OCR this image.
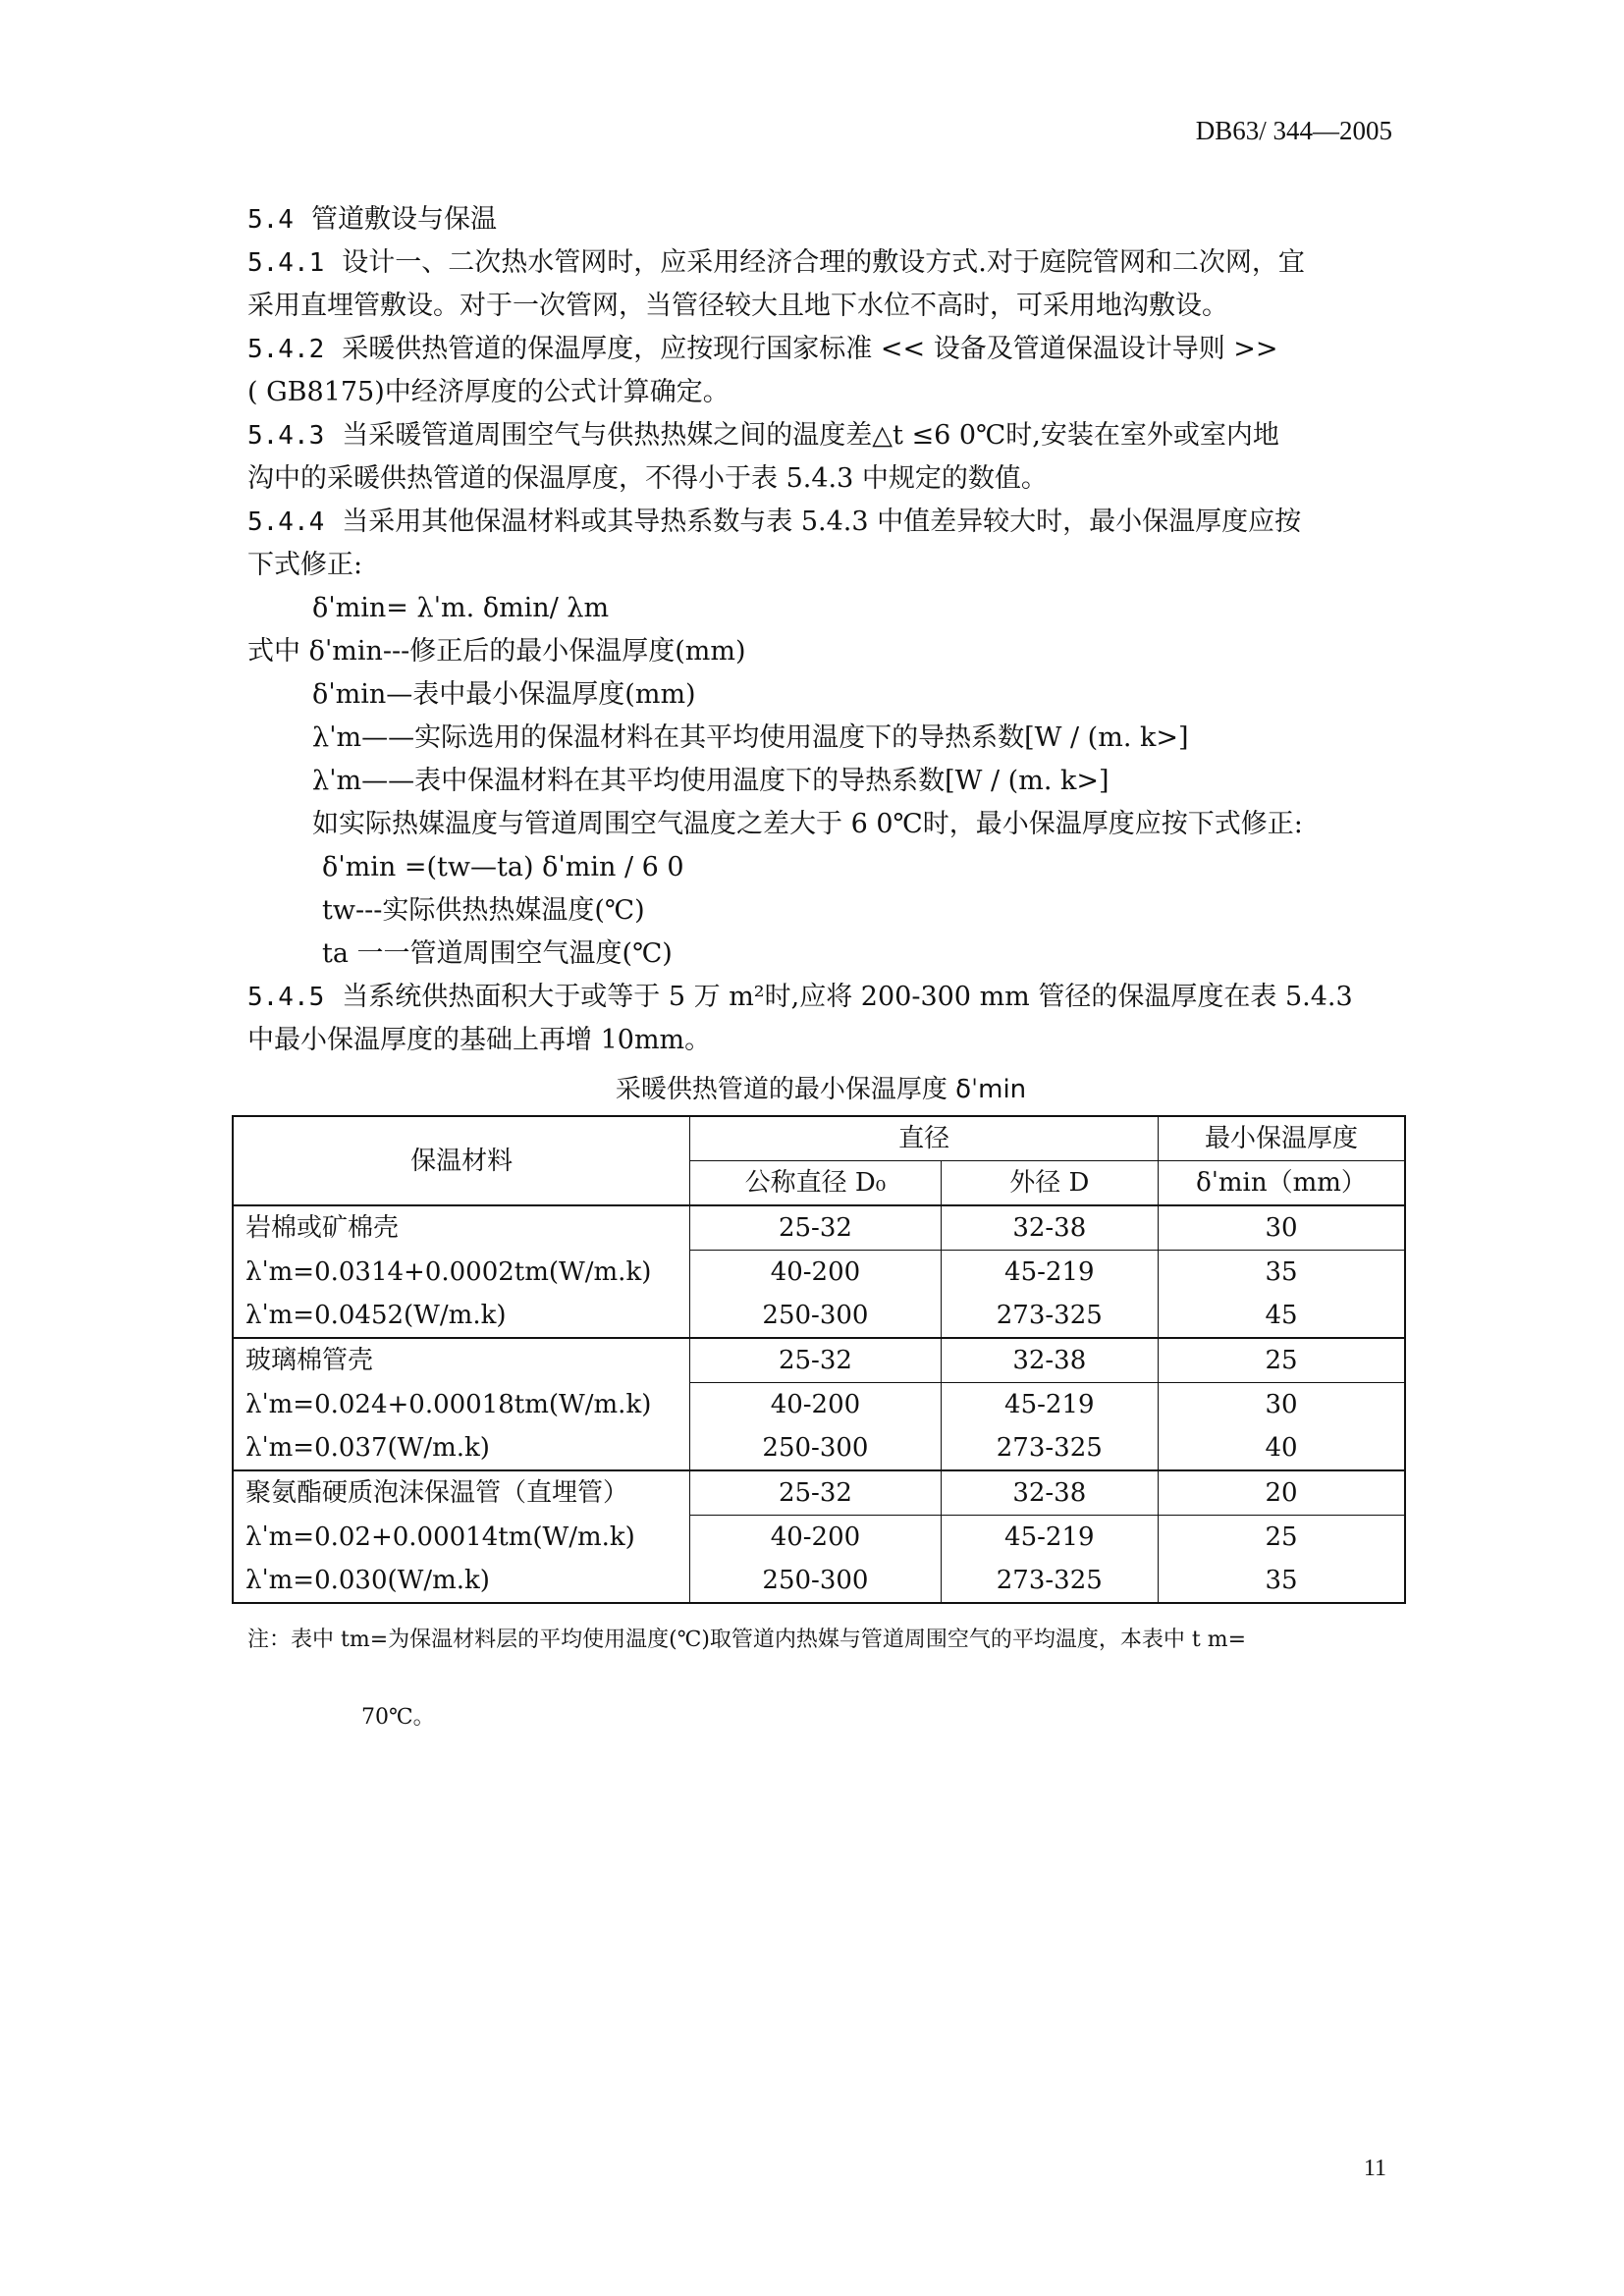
DB63/ 344—2005

5.4 管道敷设与保温

5.4.1 设计一、二次热水管网时，应采用经济合理的敷设方式.对于庭院管网和二次网，宜

采用直埋管敷设。对于一次管网，当管径较大且地下水位不高时，可采用地沟敷设。

5.4.2 采暖供热管道的保温厚度，应按现行国家标准 << 设备及管道保温设计导则 >>

( GB8175)中经济厚度的公式计算确定。

5.4.3 当采暖管道周围空气与供热热媒之间的温度差△t ≤6 0℃时,安装在室外或室内地

沟中的采暖供热管道的保温厚度，不得小于表 5.4.3 中规定的数值。

5.4.4 当采用其他保温材料或其导热系数与表 5.4.3 中值差异较大时，最小保温厚度应按

下式修正:

δˈmin= λˈm. δmin/ λm

式中 δˈmin---修正后的最小保温厚度(mm)

δˈmin—表中最小保温厚度(mm)

λˈm——实际选用的保温材料在其平均使用温度下的导热系数[W / (m. k>]

λˈm——表中保温材料在其平均使用温度下的导热系数[W / (m. k>]

如实际热媒温度与管道周围空气温度之差大于 6 0℃时，最小保温厚度应按下式修正:

δˈmin =(tw—ta) δˈmin / 6 0

tw---实际供热热媒温度(℃)

ta 一一管道周围空气温度(℃)

5.4.5 当系统供热面积大于或等于 5 万 m²时,应将 200-300 mm 管径的保温厚度在表 5.4.3

中最小保温厚度的基础上再增 10mm。

采暖供热管道的最小保温厚度 δˈmin
保温材料	直径		最小保温厚度
	公称直径 D₀	外径 D	δˈmin（mm）
岩棉或矿棉壳	25-32	32-38	30
λˈm=0.0314+0.0002tm(W/m.k)	40-200	45-219	35
λˈm=0.0452(W/m.k)	250-300	273-325	45
玻璃棉管壳	25-32	32-38	25
λˈm=0.024+0.00018tm(W/m.k)	40-200	45-219	30
λˈm=0.037(W/m.k)	250-300	273-325	40
聚氨酯硬质泡沫保温管（直埋管）	25-32	32-38	20
λˈm=0.02+0.00014tm(W/m.k)	40-200	45-219	25
λˈm=0.030(W/m.k)	250-300	273-325	35
注：表中 tm=为保温材料层的平均使用温度(℃)取管道内热媒与管道周围空气的平均温度，本表中 t m=
70℃。
11
